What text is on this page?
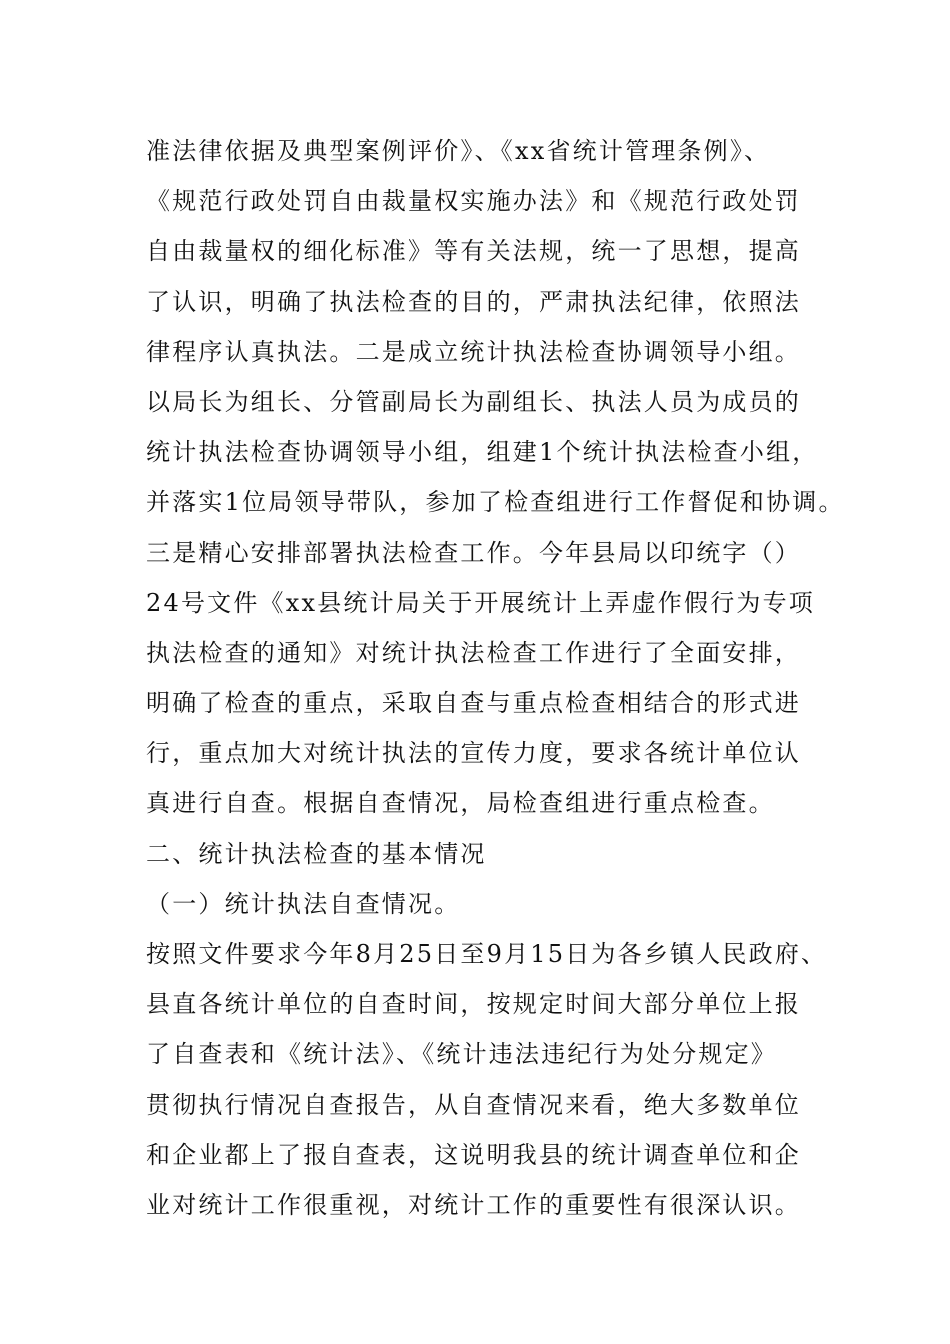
准法律依据及典型案例评价》、《xx省统计管理条例》、
《规范行政处罚自由裁量权实施办法》和《规范行政处罚
自由裁量权的细化标准》等有关法规，统一了思想，提高
了认识，明确了执法检查的目的，严肃执法纪律，依照法
律程序认真执法。二是成立统计执法检查协调领导小组。
以局长为组长、分管副局长为副组长、执法人员为成员的
统计执法检查协调领导小组，组建1个统计执法检查小组，
并落实1位局领导带队，参加了检查组进行工作督促和协调。
三是精心安排部署执法检查工作。今年县局以印统字（）
24号文件《xx县统计局关于开展统计上弄虚作假行为专项
执法检查的通知》对统计执法检查工作进行了全面安排，
明确了检查的重点，采取自查与重点检查相结合的形式进
行，重点加大对统计执法的宣传力度，要求各统计单位认
真进行自查。根据自查情况，局检查组进行重点检查。
二、统计执法检查的基本情况
（一）统计执法自查情况。
按照文件要求今年8月25日至9月15日为各乡镇人民政府、
县直各统计单位的自查时间，按规定时间大部分单位上报
了自查表和《统计法》、《统计违法违纪行为处分规定》
贯彻执行情况自查报告，从自查情况来看，绝大多数单位
和企业都上了报自查表，这说明我县的统计调查单位和企
业对统计工作很重视，对统计工作的重要性有很深认识。
